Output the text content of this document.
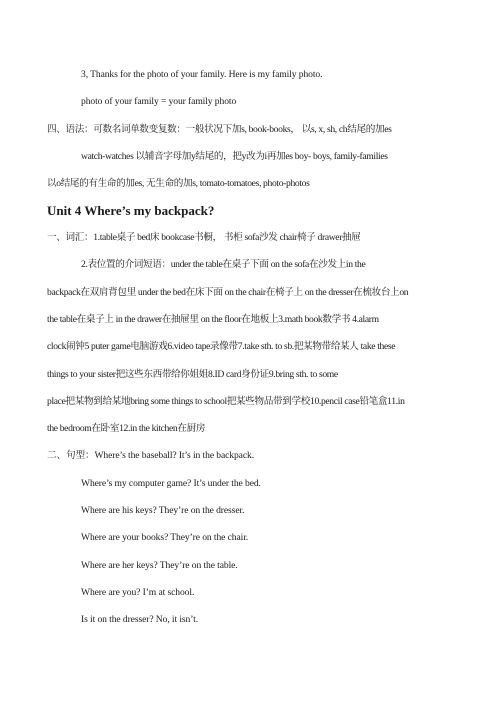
3, Thanks for the photo of your family. Here is my family photo.
photo of your family = your family photo
四、语法：可数名词单数变复数：一般状况下加s, book-books， 以s, x, sh, ch结尾的加es
watch-watches 以辅音字母加y结尾的，把y改为i再加es boy- boys, family-families
以o结尾的有生命的加es, 无生命的加s, tomato-tomatoes, photo-photos
Unit 4 Where’s my backpack?
一、词汇：1.table桌子 bed床 bookcase书橱， 书柜 sofa沙发 chair椅子 drawer抽屉
2.表位置的介词短语：under the table在桌子下面 on the sofa在沙发上in the
backpack在双肩背包里 under the bed在床下面 on the chair在椅子上 on the dresser在梳妆台上on
the table在桌子上 in the drawer在抽屉里 on the floor在地板上3.math book数学书 4.alarm
clock闹钟5 puter game电脑游戏6.video tape录像带7.take sth. to sb.把某物带给某人 take these
things to your sister把这些东西带给你姐姐8.ID card身份证9.bring sth. to some
place把某物到给某地bring some things to school把某些物品带到学校10.pencil case铅笔盒11.in
the bedroom在卧室12.in the kitchen在厨房
二、句型：Where’s the baseball? It’s in the backpack.
Where’s my computer game? It’s under the bed.
Where are his keys? They’re on the dresser.
Where are your books? They’re on the chair.
Where are her keys? They’re on the table.
Where are you? I’m at school.
Is it on the dresser? No, it isn’t.
